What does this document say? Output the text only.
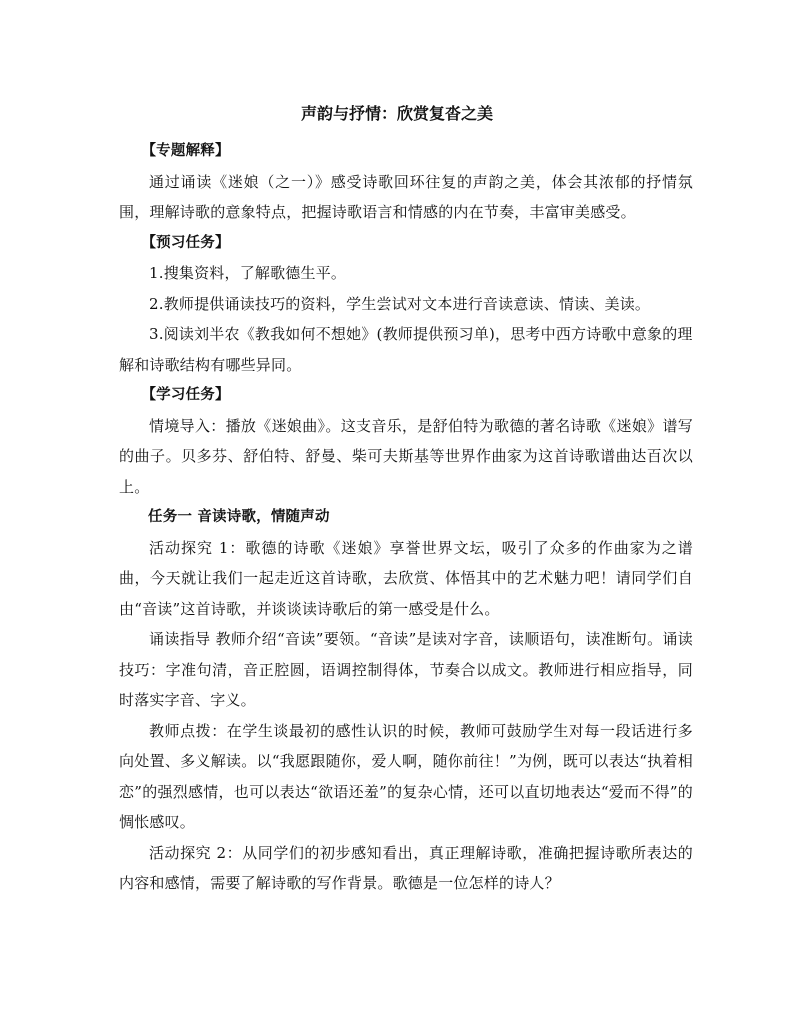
声韵与抒情：欣赏复沓之美

【专题解释】

通过诵读《迷娘（之一）》感受诗歌回环往复的声韵之美，体会其浓郁的抒情氛围，理解诗歌的意象特点，把握诗歌语言和情感的内在节奏，丰富审美感受。

【预习任务】

1.搜集资料，了解歌德生平。

2.教师提供诵读技巧的资料，学生尝试对文本进行音读意读、情读、美读。

3.阅读刘半农《教我如何不想她》(教师提供预习单)，思考中西方诗歌中意象的理解和诗歌结构有哪些异同。

【学习任务】

情境导入：播放《迷娘曲》。这支音乐，是舒伯特为歌德的著名诗歌《迷娘》谱写的曲子。贝多芬、舒伯特、舒曼、柴可夫斯基等世界作曲家为这首诗歌谱曲达百次以上。

任务一 音读诗歌，情随声动

活动探究 1：歌德的诗歌《迷娘》享誉世界文坛，吸引了众多的作曲家为之谱曲，今天就让我们一起走近这首诗歌，去欣赏、体悟其中的艺术魅力吧！请同学们自由“音读”这首诗歌，并谈谈读诗歌后的第一感受是什么。

诵读指导 教师介绍“音读”要领。“音读”是读对字音，读顺语句，读准断句。诵读技巧：字准句清，音正腔圆，语调控制得体，节奏合以成文。教师进行相应指导，同时落实字音、字义。

教师点拨：在学生谈最初的感性认识的时候，教师可鼓励学生对每一段话进行多向处置、多义解读。以“我愿跟随你，爱人啊，随你前往！”为例，既可以表达“执着相恋”的强烈感情，也可以表达“欲语还羞”的复杂心情，还可以直切地表达“爱而不得”的惆怅感叹。

活动探究 2：从同学们的初步感知看出，真正理解诗歌，准确把握诗歌所表达的内容和感情，需要了解诗歌的写作背景。歌德是一位怎样的诗人？
